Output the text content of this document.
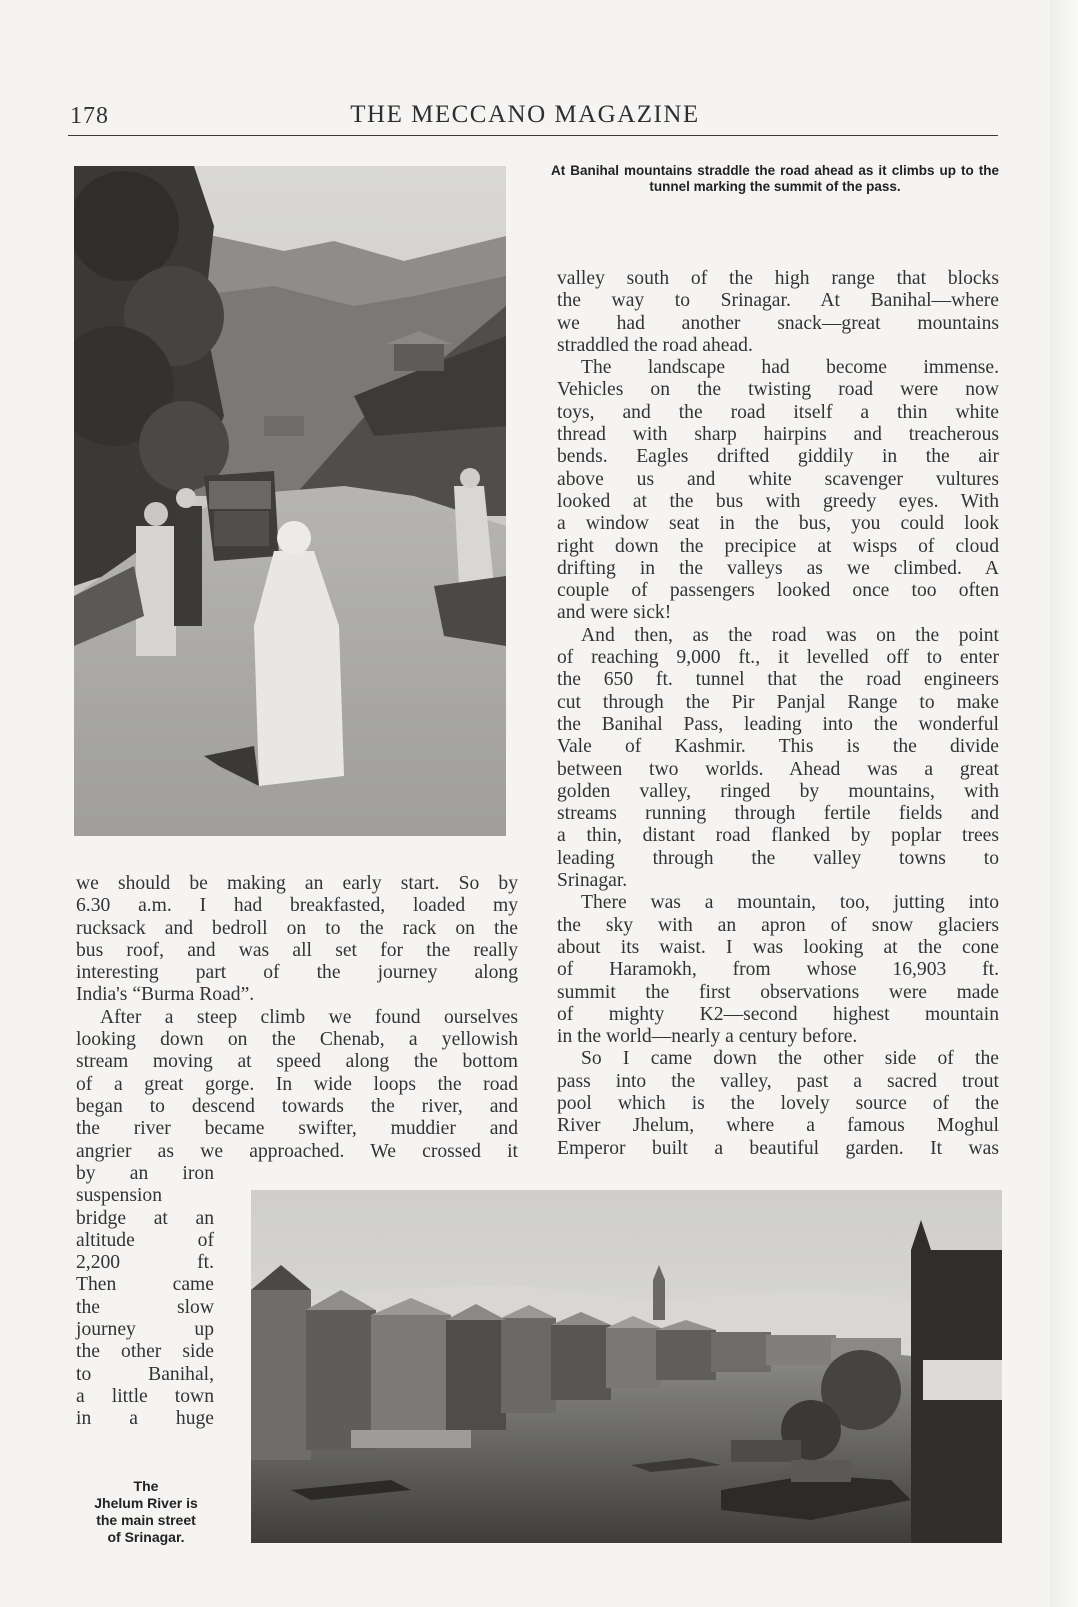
178	THE MECCANO MAGAZINE
At Banihal mountains straddle the road ahead as it climbs up to the tunnel marking the summit of the pass.
we should be making an early start. So by
6.30 a.m. I had breakfasted, loaded my
rucksack and bedroll on to the rack on the
bus roof, and was all set for the really
interesting part of the journey along
India's “Burma Road”.
After a steep climb we found ourselves
looking down on the Chenab, a yellowish
stream moving at speed along the bottom
of a great gorge. In wide loops the road
began to descend towards the river, and
the river became swifter, muddier and
angrier as we approached. We crossed it
by an iron
suspension
bridge at an
altitude of
2,200 ft.
Then came
the slow
journey up
the other side
to Banihal,
a little town
in a huge
valley south of the high range that blocks
the way to Srinagar. At Banihal—where
we had another snack—great mountains
straddled the road ahead.
The landscape had become immense.
Vehicles on the twisting road were now
toys, and the road itself a thin white
thread with sharp hairpins and treacherous
bends. Eagles drifted giddily in the air
above us and white scavenger vultures
looked at the bus with greedy eyes. With
a window seat in the bus, you could look
right down the precipice at wisps of cloud
drifting in the valleys as we climbed. A
couple of passengers looked once too often
and were sick!
And then, as the road was on the point
of reaching 9,000 ft., it levelled off to enter
the 650 ft. tunnel that the road engineers
cut through the Pir Panjal Range to make
the Banihal Pass, leading into the wonderful
Vale of Kashmir. This is the divide
between two worlds. Ahead was a great
golden valley, ringed by mountains, with
streams running through fertile fields and
a thin, distant road flanked by poplar trees
leading through the valley towns to
Srinagar.
There was a mountain, too, jutting into
the sky with an apron of snow glaciers
about its waist. I was looking at the cone
of Haramokh, from whose 16,903 ft.
summit the first observations were made
of mighty K2—second highest mountain
in the world—nearly a century before.
So I came down the other side of the
pass into the valley, past a sacred trout
pool which is the lovely source of the
River Jhelum, where a famous Moghul
Emperor built a beautiful garden. It was
The
Jhelum River is
the main street
of Srinagar.
